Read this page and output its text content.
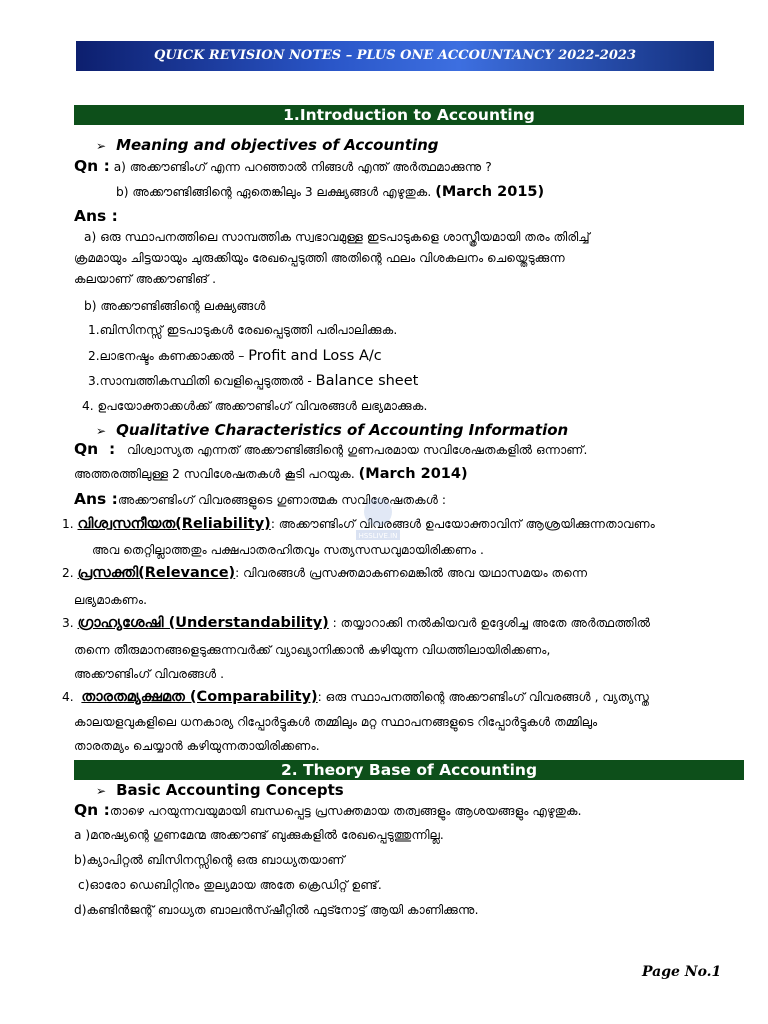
QUICK REVISION NOTES – PLUS ONE ACCOUNTANCY 2022-2023
1.Introduction to Accounting
➢ Meaning and objectives of Accounting
Qn : a) അക്കൗണ്ടിംഗ് എന്ന പറഞ്ഞാൽ നിങ്ങൾ എന്ത് അർത്ഥമാക്കുന്നു ?
b) അക്കൗണ്ടിങ്ങിന്റെ ഏതെങ്കിലും 3 ലക്ഷ്യങ്ങൾ എഴുതുക. (March 2015)
Ans :
a) ഒരു സ്ഥാപനത്തിലെ സാമ്പത്തിക സ്വഭാവമുള്ള ഇടപാടുകളെ ശാസ്ത്രീയമായി തരം തിരിച്ച്
ക്രമമായും ചിട്ടയായും ചുരുക്കിയും രേഖപ്പെടുത്തി അതിന്റെ ഫലം വിശകലനം ചെയ്തെടുക്കുന്ന
കലയാണ് അക്കൗണ്ടിങ് .
b) അക്കൗണ്ടിങ്ങിന്റെ ലക്ഷ്യങ്ങൾ
1.ബിസിനസ്സ് ഇടപാടുകൾ രേഖപ്പെടുത്തി പരിപാലിക്കുക.
2.ലാഭനഷ്ടം കണക്കാക്കൽ – Profit and Loss A/c
3.സാമ്പത്തികസ്ഥിതി വെളിപ്പെടുത്തൽ - Balance sheet
4. ഉപയോക്താക്കൾക്ക് അക്കൗണ്ടിംഗ് വിവരങ്ങൾ ലഭ്യമാക്കുക.
➢ Qualitative Characteristics of Accounting Information
Qn  : വിശ്വാസ്യത എന്നത് അക്കൗണ്ടിങ്ങിന്റെ ഗുണപരമായ സവിശേഷതകളിൽ ഒന്നാണ്.
അത്തരത്തിലുള്ള 2 സവിശേഷതകൾ കൂടി പറയുക. (March 2014)
Ans :അക്കൗണ്ടിംഗ് വിവരങ്ങളുടെ ഗുണാത്മക സവിശേഷതകൾ :
1. വിശ്വസനീയത(Reliability): അക്കൗണ്ടിംഗ് വിവരങ്ങൾ ഉപയോക്താവിന് ആശ്രയിക്കുന്നതാവണം
അവ തെറ്റില്ലാത്തതും പക്ഷപാതരഹിതവും സത്യസന്ധവുമായിരിക്കണം .
2. പ്രസക്തി(Relevance): വിവരങ്ങൾ പ്രസക്തമാകണമെങ്കിൽ അവ യഥാസമയം തന്നെ
ലഭ്യമാകണം.
3. ഗ്രാഹ്യശേഷി (Understandability) : തയ്യാറാക്കി നൽകിയവർ ഉദ്ദേശിച്ച അതേ അർത്ഥത്തിൽ
തന്നെ തീരുമാനങ്ങളെടുക്കുന്നവർക്ക് വ്യാഖ്യാനിക്കാൻ കഴിയുന്ന വിധത്തിലായിരിക്കണം,
അക്കൗണ്ടിംഗ് വിവരങ്ങൾ .
4. താരതമ്യക്ഷമത (Comparability): ഒരു സ്ഥാപനത്തിന്റെ അക്കൗണ്ടിംഗ് വിവരങ്ങൾ , വ്യത്യസ്ത
കാലയളവുകളിലെ ധനകാര്യ റിപ്പോർട്ടുകൾ തമ്മിലും മറ്റ സ്ഥാപനങ്ങളുടെ റിപ്പോർട്ടുകൾ തമ്മിലും
താരതമ്യം ചെയ്യാൻ കഴിയുന്നതായിരിക്കണം.
2. Theory Base of Accounting
➢ Basic Accounting Concepts
Qn :താഴെ പറയുന്നവയുമായി ബന്ധപ്പെട്ട പ്രസക്തമായ തത്വങ്ങളും ആശയങ്ങളും എഴുതുക.
a )മനുഷ്യന്റെ ഗുണമേന്മ അക്കൗണ്ട് ബുക്കുകളിൽ രേഖപ്പെടുത്തുന്നില്ല.
b)ക്യാപിറ്റൽ ബിസിനസ്സിന്റെ ഒരു ബാധ്യതയാണ്
c)ഓരോ ഡെബിറ്റിനും തുല്യമായ അതേ ക്രെഡിറ്റ് ഉണ്ട്.
d)കണ്ടിൻജന്റ് ബാധ്യത ബാലൻസ്ഷീറ്റിൽ ഫുട്നോട്ട് ആയി കാണിക്കുന്നു.
HSSLIVE.IN
Page No.1
